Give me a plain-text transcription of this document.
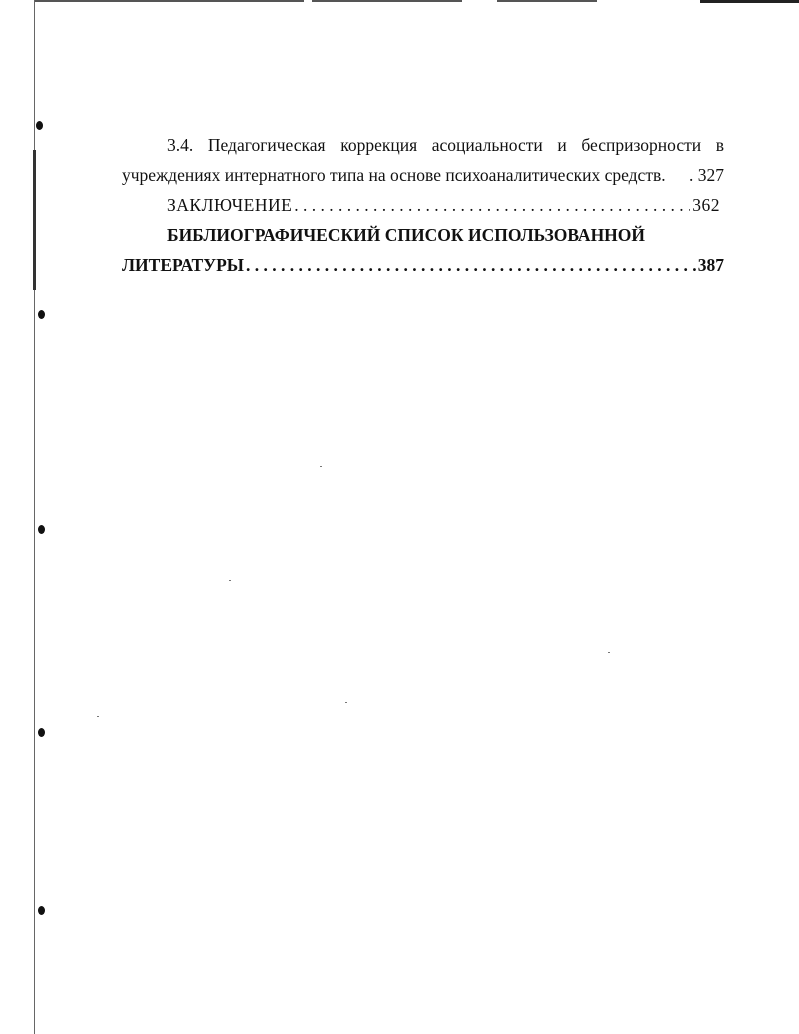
3.4. Педагогическая коррекция асоциальности и беспризорности в
учреждениях интернатного типа на основе психоаналитических средств. . 327
ЗАКЛЮЧЕНИЕ . . .	362
БИБЛИОГРАФИЧЕСКИЙ СПИСОК ИСПОЛЬЗОВАННОЙ
ЛИТЕРАТУРЫ . . .	387
